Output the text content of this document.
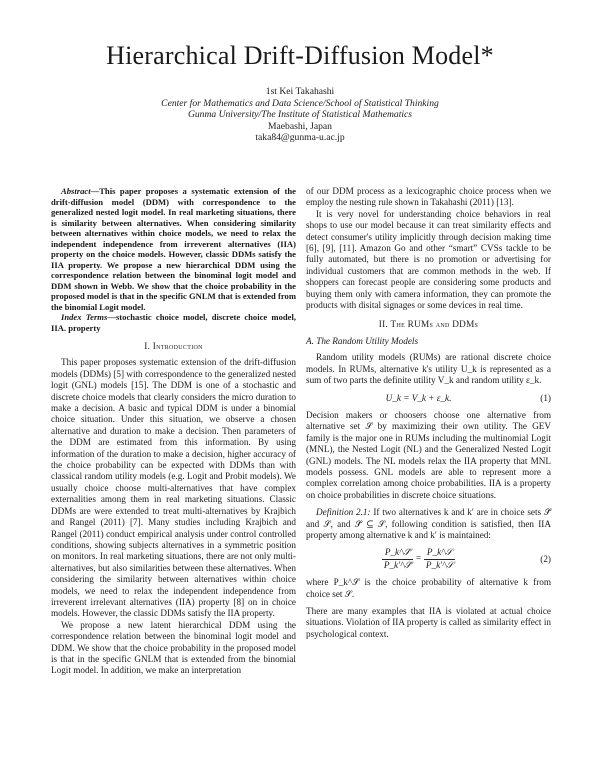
Hierarchical Drift-Diffusion Model*
1st Kei Takahashi
Center for Mathematics and Data Science/School of Statistical Thinking
Gunma University/The Institute of Statistical Mathematics
Maebashi, Japan
taka84@gunma-u.ac.jp

Abstract—This paper proposes a systematic extension of the drift-diffusion model (DDM) with correspondence to the generalized nested logit model. In real marketing situations, there is similarity between alternatives. When considering similarity between alternatives within choice models, we need to relax the independent independence from irreverent alternatives (IIA) property on the choice models. However, classic DDMs satisfy the IIA property. We propose a new hierarchical DDM using the correspondence relation between the binominal logit model and DDM shown in Webb. We show that the choice probability in the proposed model is that in the specific GNLM that is extended from the binomial Logit model.

Index Terms—stochastic choice model, discrete choice model, IIA. property

I. Introduction

This paper proposes systematic extension of the drift-diffusion models (DDMs) [5] with correspondence to the generalized nested logit (GNL) models [15]. The DDM is one of a stochastic and discrete choice models that clearly considers the micro duration to make a decision. A basic and typical DDM is under a binomial choice situation. Under this situation, we observe a chosen alternative and duration to make a decision. Then parameters of the DDM are estimated from this information. By using information of the duration to make a decision, higher accuracy of the choice probability can be expected with DDMs than with classical random utility models (e.g. Logit and Probit models). We usually choice choose multi-alternatives that have complex externalities among them in real marketing situations. Classic DDMs are were extended to treat multi-alternatives by Krajbich and Rangel (2011) [7]. Many studies including Krajbich and Rangel (2011) conduct empirical analysis under control controlled conditions, showing subjects alternatives in a symmetric position on monitors. In real marketing situations, there are not only multi-alternatives, but also similarities between these alternatives. When considering the similarity between alternatives within choice models, we need to relax the independent independence from irreverent irrelevant alternatives (IIA) property [8] on in choice models. However, the classic DDMs satisfy the IIA property.

We propose a new latent hierarchical DDM using the correspondence relation between the binominal logit model and DDM. We show that the choice probability in the proposed model is that in the specific GNLM that is extended from the binomial Logit model. In addition, we make an interpretation

of our DDM process as a lexicographic choice process when we employ the nesting rule shown in Takahashi (2011) [13].

It is very novel for understanding choice behaviors in real shops to use our model because it can treat similarity effects and detect consumer's utility implicitly through decision making time [6], [9], [11]. Amazon Go and other “smart” CVSs tackle to be fully automated, but there is no promotion or advertising for individual customers that are common methods in the web. If shoppers can forecast people are considering some products and buying them only with camera information, they can promote the products with disital signages or some devices in real time.

II. The RUMs and DDMs
A. The Random Utility Models

Random utility models (RUMs) are rational discrete choice models. In RUMs, alternative k's utility U_k is represented as a sum of two parts the definite utility V_k and random utility ε_k.

U_k = V_k + ε_k.	(1)

Decision makers or choosers choose one alternative from alternative set 𝒮 by maximizing their own utility. The GEV family is the major one in RUMs including the multinomial Logit (MNL), the Nested Logit (NL) and the Generalized Nested Logit (GNL) models. The NL models relax the IIA property that MNL models possess. GNL models are able to represent more a complex correlation among choice probabilities. IIA is a property on choice probabilities in discrete choice situations.

Definition 2.1: If two alternatives k and k′ are in choice sets 𝒮̃ and 𝒮, and 𝒮̃ ⊆ 𝒮, following condition is satisfied, then IIA property among alternative k and k′ is maintained:

$\frac{\text{P\_k\textasciicircum{}𝒮̃}}{\text{P\_k′\textasciicircum{}𝒮̃}} = \frac{\text{P\_k\textasciicircum{}𝒮}}{\text{P\_k′\textasciicircum{}𝒮}}$	(2)

where P_k^𝒮 is the choice probability of alternative k from choice set 𝒮.

There are many examples that IIA is violated at actual choice situations. Violation of IIA property is called as similarity effect in psychological context.
